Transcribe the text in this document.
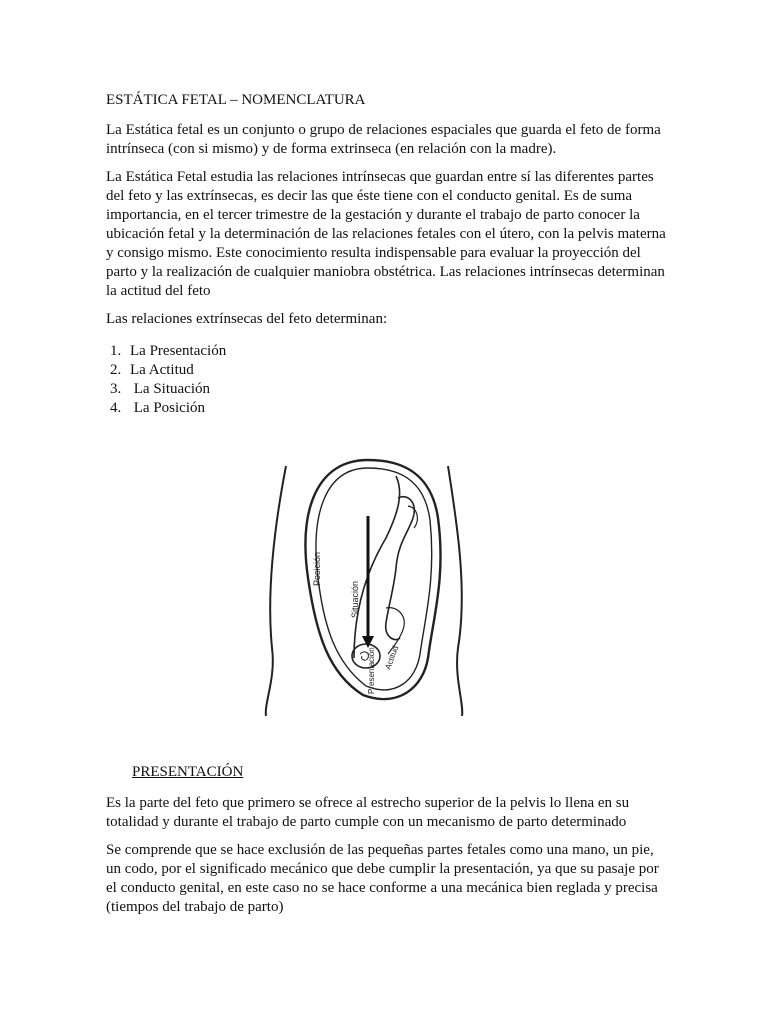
ESTÁTICA FETAL – NOMENCLATURA

La Estática fetal es un conjunto o grupo de relaciones espaciales que guarda el feto de forma intrínseca (con si mismo) y de forma extrinseca (en relación con la madre).

La Estática Fetal estudia las relaciones intrínsecas que guardan entre sí las diferentes partes del feto y las extrínsecas, es decir las que éste tiene con el conducto genital. Es de suma importancia, en el tercer trimestre de la gestación y durante el trabajo de parto conocer la ubicación fetal y la determinación de las relaciones fetales con el útero, con la pelvis materna y consigo mismo. Este conocimiento resulta indispensable para evaluar la proyección del parto y la realización de cualquier maniobra obstétrica. Las relaciones intrínsecas determinan la actitud del feto

Las relaciones extrínsecas del feto determinan:

1. La Presentación
2. La Actitud
3. La Situación
4. La Posición
Posición
Situación
Presentación Actitud
PRESENTACIÓN

Es la parte del feto que primero se ofrece al estrecho superior de la pelvis lo llena en su totalidad y durante el trabajo de parto cumple con un mecanismo de parto determinado

Se comprende que se hace exclusión de las pequeñas partes fetales como una mano, un pie, un codo, por el significado mecánico que debe cumplir la presentación, ya que su pasaje por el conducto genital, en este caso no se hace conforme a una mecánica bien reglada y precisa (tiempos del trabajo de parto)
